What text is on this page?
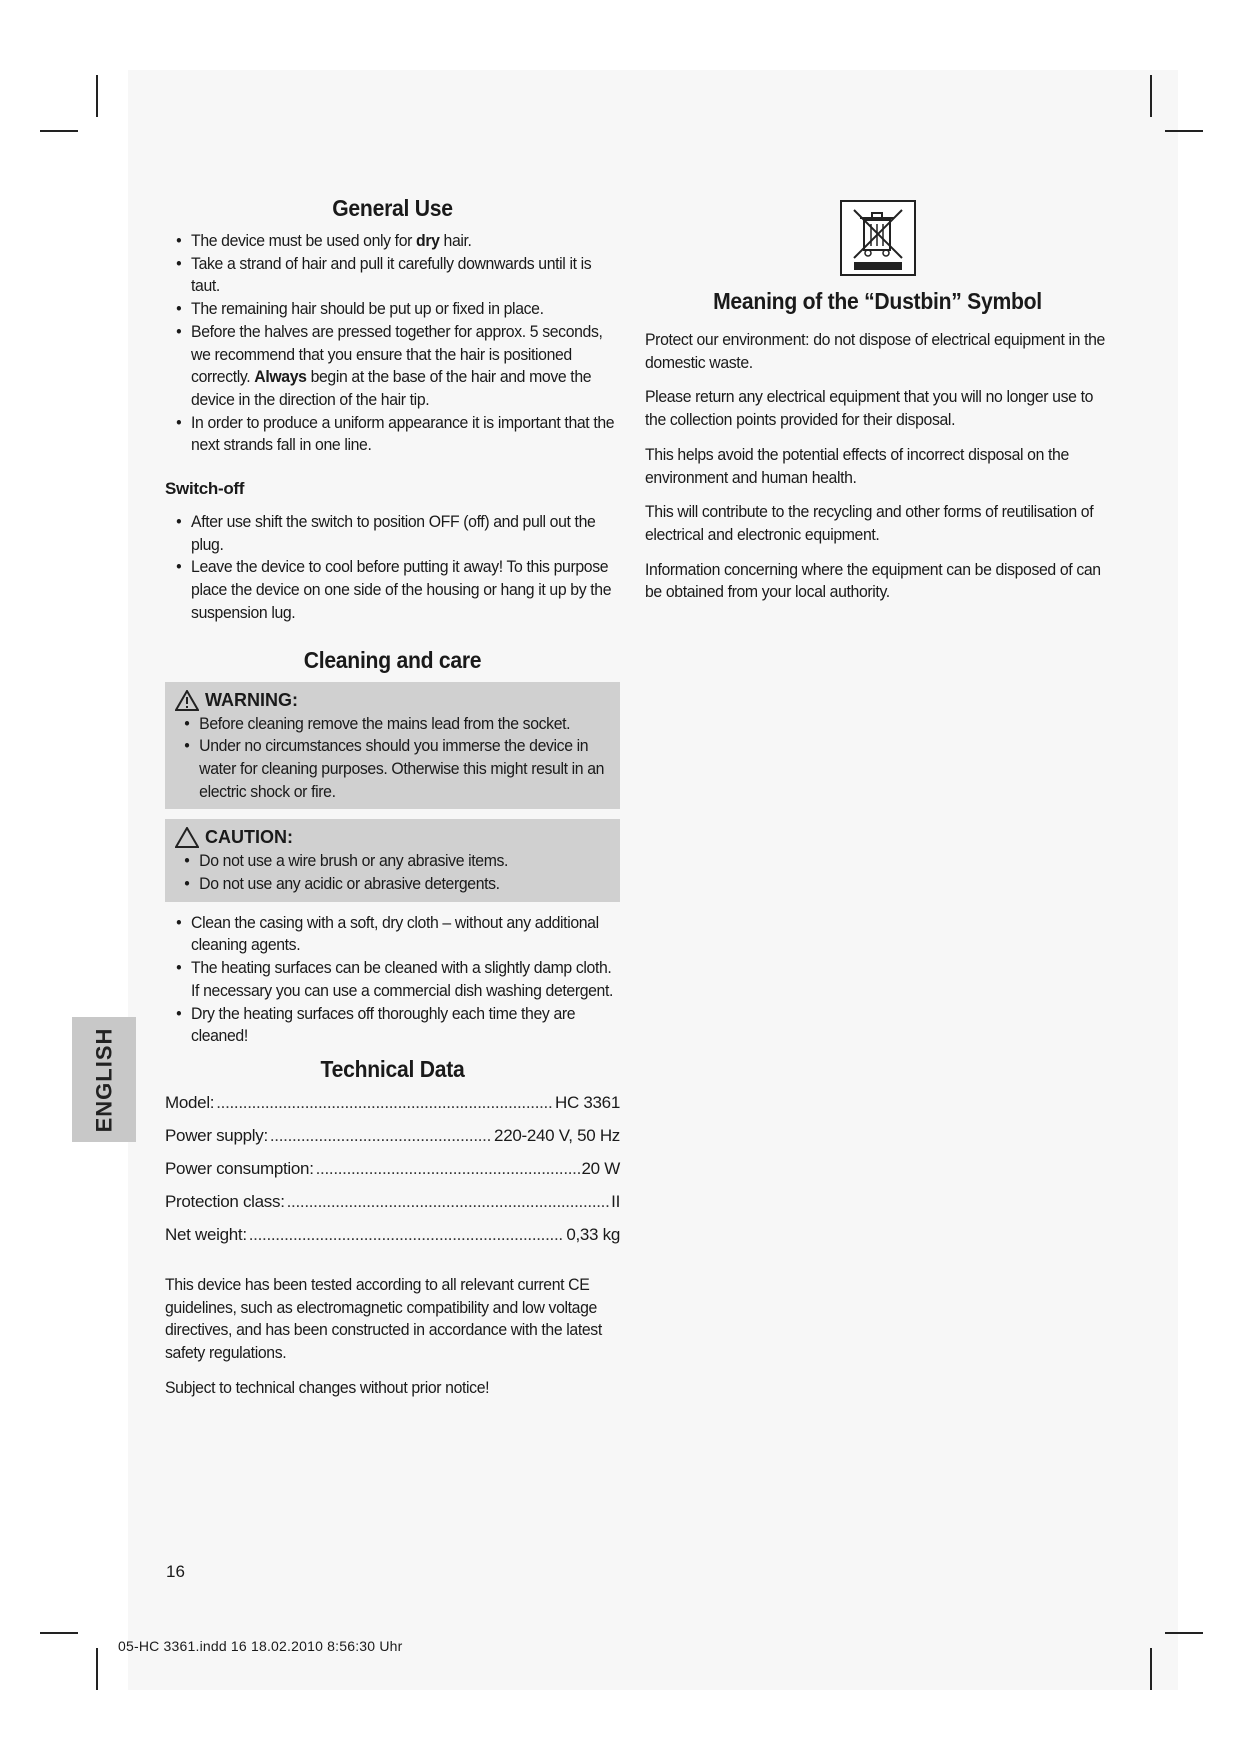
General Use
• The device must be used only for dry hair.
• Take a strand of hair and pull it carefully downwards until it is taut.
• The remaining hair should be put up or fixed in place.
• Before the halves are pressed together for approx. 5 seconds, we recommend that you ensure that the hair is positioned correctly. Always begin at the base of the hair and move the device in the direction of the hair tip.
• In order to produce a uniform appearance it is important that the next strands fall in one line.
Switch-off
• After use shift the switch to position OFF (off) and pull out the plug.
• Leave the device to cool before putting it away! To this purpose place the device on one side of the housing or hang it up by the suspension lug.
Cleaning and care
WARNING:
• Before cleaning remove the mains lead from the socket.
• Under no circumstances should you immerse the device in water for cleaning purposes. Otherwise this might result in an electric shock or fire.
CAUTION:
• Do not use a wire brush or any abrasive items.
• Do not use any acidic or abrasive detergents.
• Clean the casing with a soft, dry cloth – without any additional cleaning agents.
• The heating surfaces can be cleaned with a slightly damp cloth. If necessary you can use a commercial dish washing detergent.
• Dry the heating surfaces off thoroughly each time they are cleaned!
Technical Data
Model: .....	HC 3361
Power supply: .....	220-240 V, 50 Hz
Power consumption: .....	20 W
Protection class: .....	II
Net weight: .....	0,33 kg

This device has been tested according to all relevant current CE guidelines, such as electromagnetic compatibility and low voltage directives, and has been constructed in accordance with the latest safety regulations.

Subject to technical changes without prior notice!

Meaning of the “Dustbin” Symbol

Protect our environment: do not dispose of electrical equipment in the domestic waste.

Please return any electrical equipment that you will no longer use to the collection points provided for their disposal.

This helps avoid the potential effects of incorrect disposal on the environment and human health.

This will contribute to the recycling and other forms of reutilisation of electrical and electronic equipment.

Information concerning where the equipment can be disposed of can be obtained from your local authority.

ENGLISH
16
05-HC 3361.indd 16 18.02.2010 8:56:30 Uhr
